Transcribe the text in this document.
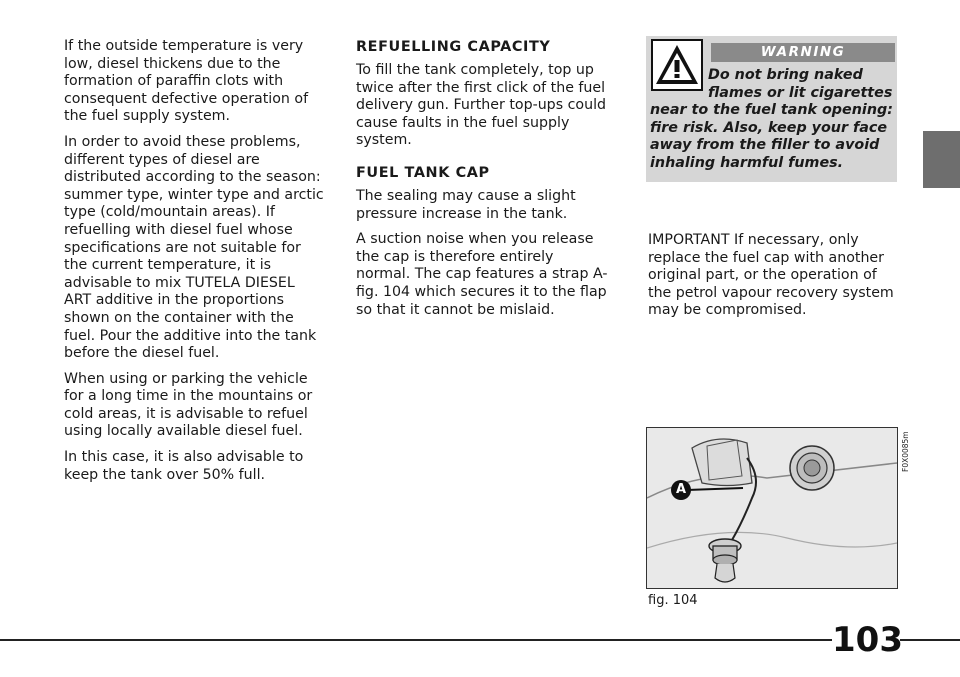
If the outside temperature is very low, diesel thickens due to the formation of paraffin clots with consequent defective operation of the fuel supply system.

In order to avoid these problems, different types of diesel are distributed according to the season: summer type, winter type and arctic type (cold/mountain areas). If refuelling with diesel fuel whose specifications are not suitable for the current temperature, it is advisable to mix TUTELA DIESEL ART additive in the proportions shown on the container with the fuel. Pour the additive into the tank before the diesel fuel.

When using or parking the vehicle for a long time in the mountains or cold areas, it is advisable to refuel using locally available diesel fuel.

In this case, it is also advisable to keep the tank over 50% full.

REFUELLING CAPACITY

To fill the tank completely, top up twice after the first click of the fuel delivery gun. Further top-ups could cause faults in the fuel supply system.

FUEL TANK CAP

The sealing may cause a slight pressure increase in the tank.

A suction noise when you release the cap is therefore entirely normal. The cap features a strap A-fig. 104 which secures it to the flap so that it cannot be mislaid.

WARNING
Do not bring naked
flames or lit cigarettes
near to the fuel tank opening: fire risk. Also, keep your face away from the filler to avoid inhaling harmful fumes.

IMPORTANT If necessary, only replace the fuel cap with another original part, or the operation of the petrol vapour recovery system may be compromised.

A
F0X0085m
fig. 104
103
